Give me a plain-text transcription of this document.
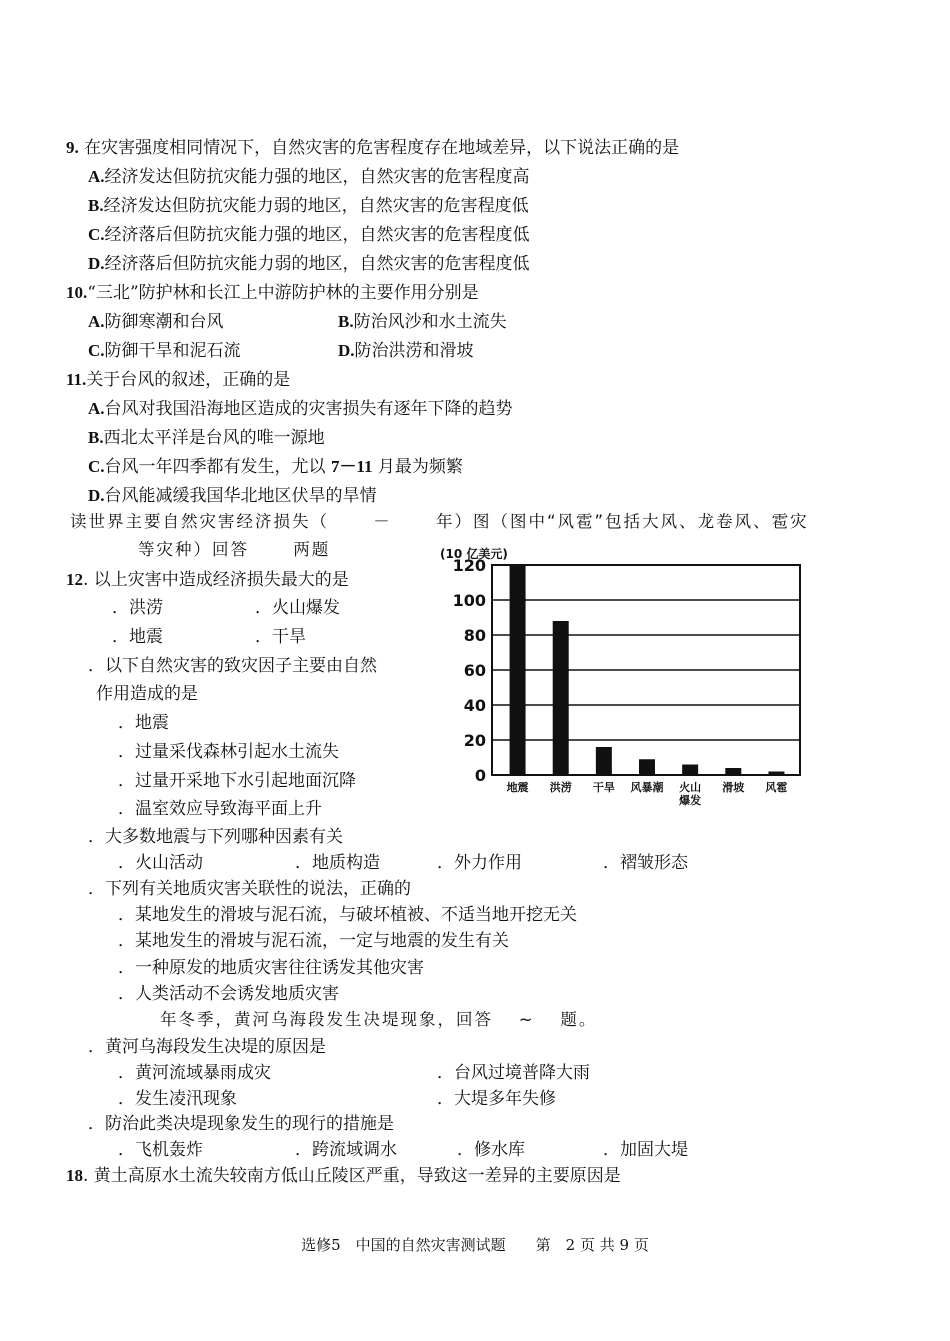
9. 在灾害强度相同情况下，自然灾害的危害程度存在地域差异，以下说法正确的是
A.经济发达但防抗灾能力强的地区，自然灾害的危害程度高
B.经济发达但防抗灾能力弱的地区，自然灾害的危害程度低
C.经济落后但防抗灾能力强的地区，自然灾害的危害程度低
D.经济落后但防抗灾能力弱的地区，自然灾害的危害程度低
10.“三北”防护林和长江上中游防护林的主要作用分别是
A.防御寒潮和台风	B.防治风沙和水土流失
C.防御干旱和泥石流	D.防治洪涝和滑坡
11.关于台风的叙述，正确的是
A.台风对我国沿海地区造成的灾害损失有逐年下降的趋势
B.西北太平洋是台风的唯一源地
C.台风一年四季都有发生，尤以 7－11 月最为频繁
D.台风能减缓我国华北地区伏旱的旱情
读世界主要自然灾害经济损失（　　 －　　 年）图（图中“风雹”包括大风、龙卷风、雹灾
等灾种）回答　　 两题	(10 亿美元)
0
20
40
60
80
100
120
地震 洪涝 干旱 风暴潮 火山爆发
滑坡 风雹
12. 以上灾害中造成经济损失最大的是
．洪涝	．火山爆发
．地震	．干旱
．以下自然灾害的致灾因子主要由自然
作用造成的是
．地震
．过量采伐森林引起水土流失
．过量开采地下水引起地面沉降
．温室效应导致海平面上升
．大多数地震与下列哪种因素有关
．火山活动	．地质构造	．外力作用	．褶皱形态
．下列有关地质灾害关联性的说法，正确的
．某地发生的滑坡与泥石流，与破坏植被、不适当地开挖无关
．某地发生的滑坡与泥石流，一定与地震的发生有关
．一种原发的地质灾害往往诱发其他灾害
．人类活动不会诱发地质灾害
年冬季，黄河乌海段发生决堤现象，回答　 ~　 题。
．黄河乌海段发生决堤的原因是
．黄河流域暴雨成灾	．台风过境普降大雨
．发生凌汛现象	．大堤多年失修
．防治此类决堤现象发生的现行的措施是
．飞机轰炸	．跨流域调水	．修水库	．加固大堤
18. 黄土高原水土流失较南方低山丘陵区严重，导致这一差异的主要原因是
选修5　中国的自然灾害测试题　　第　2 页 共 9 页
